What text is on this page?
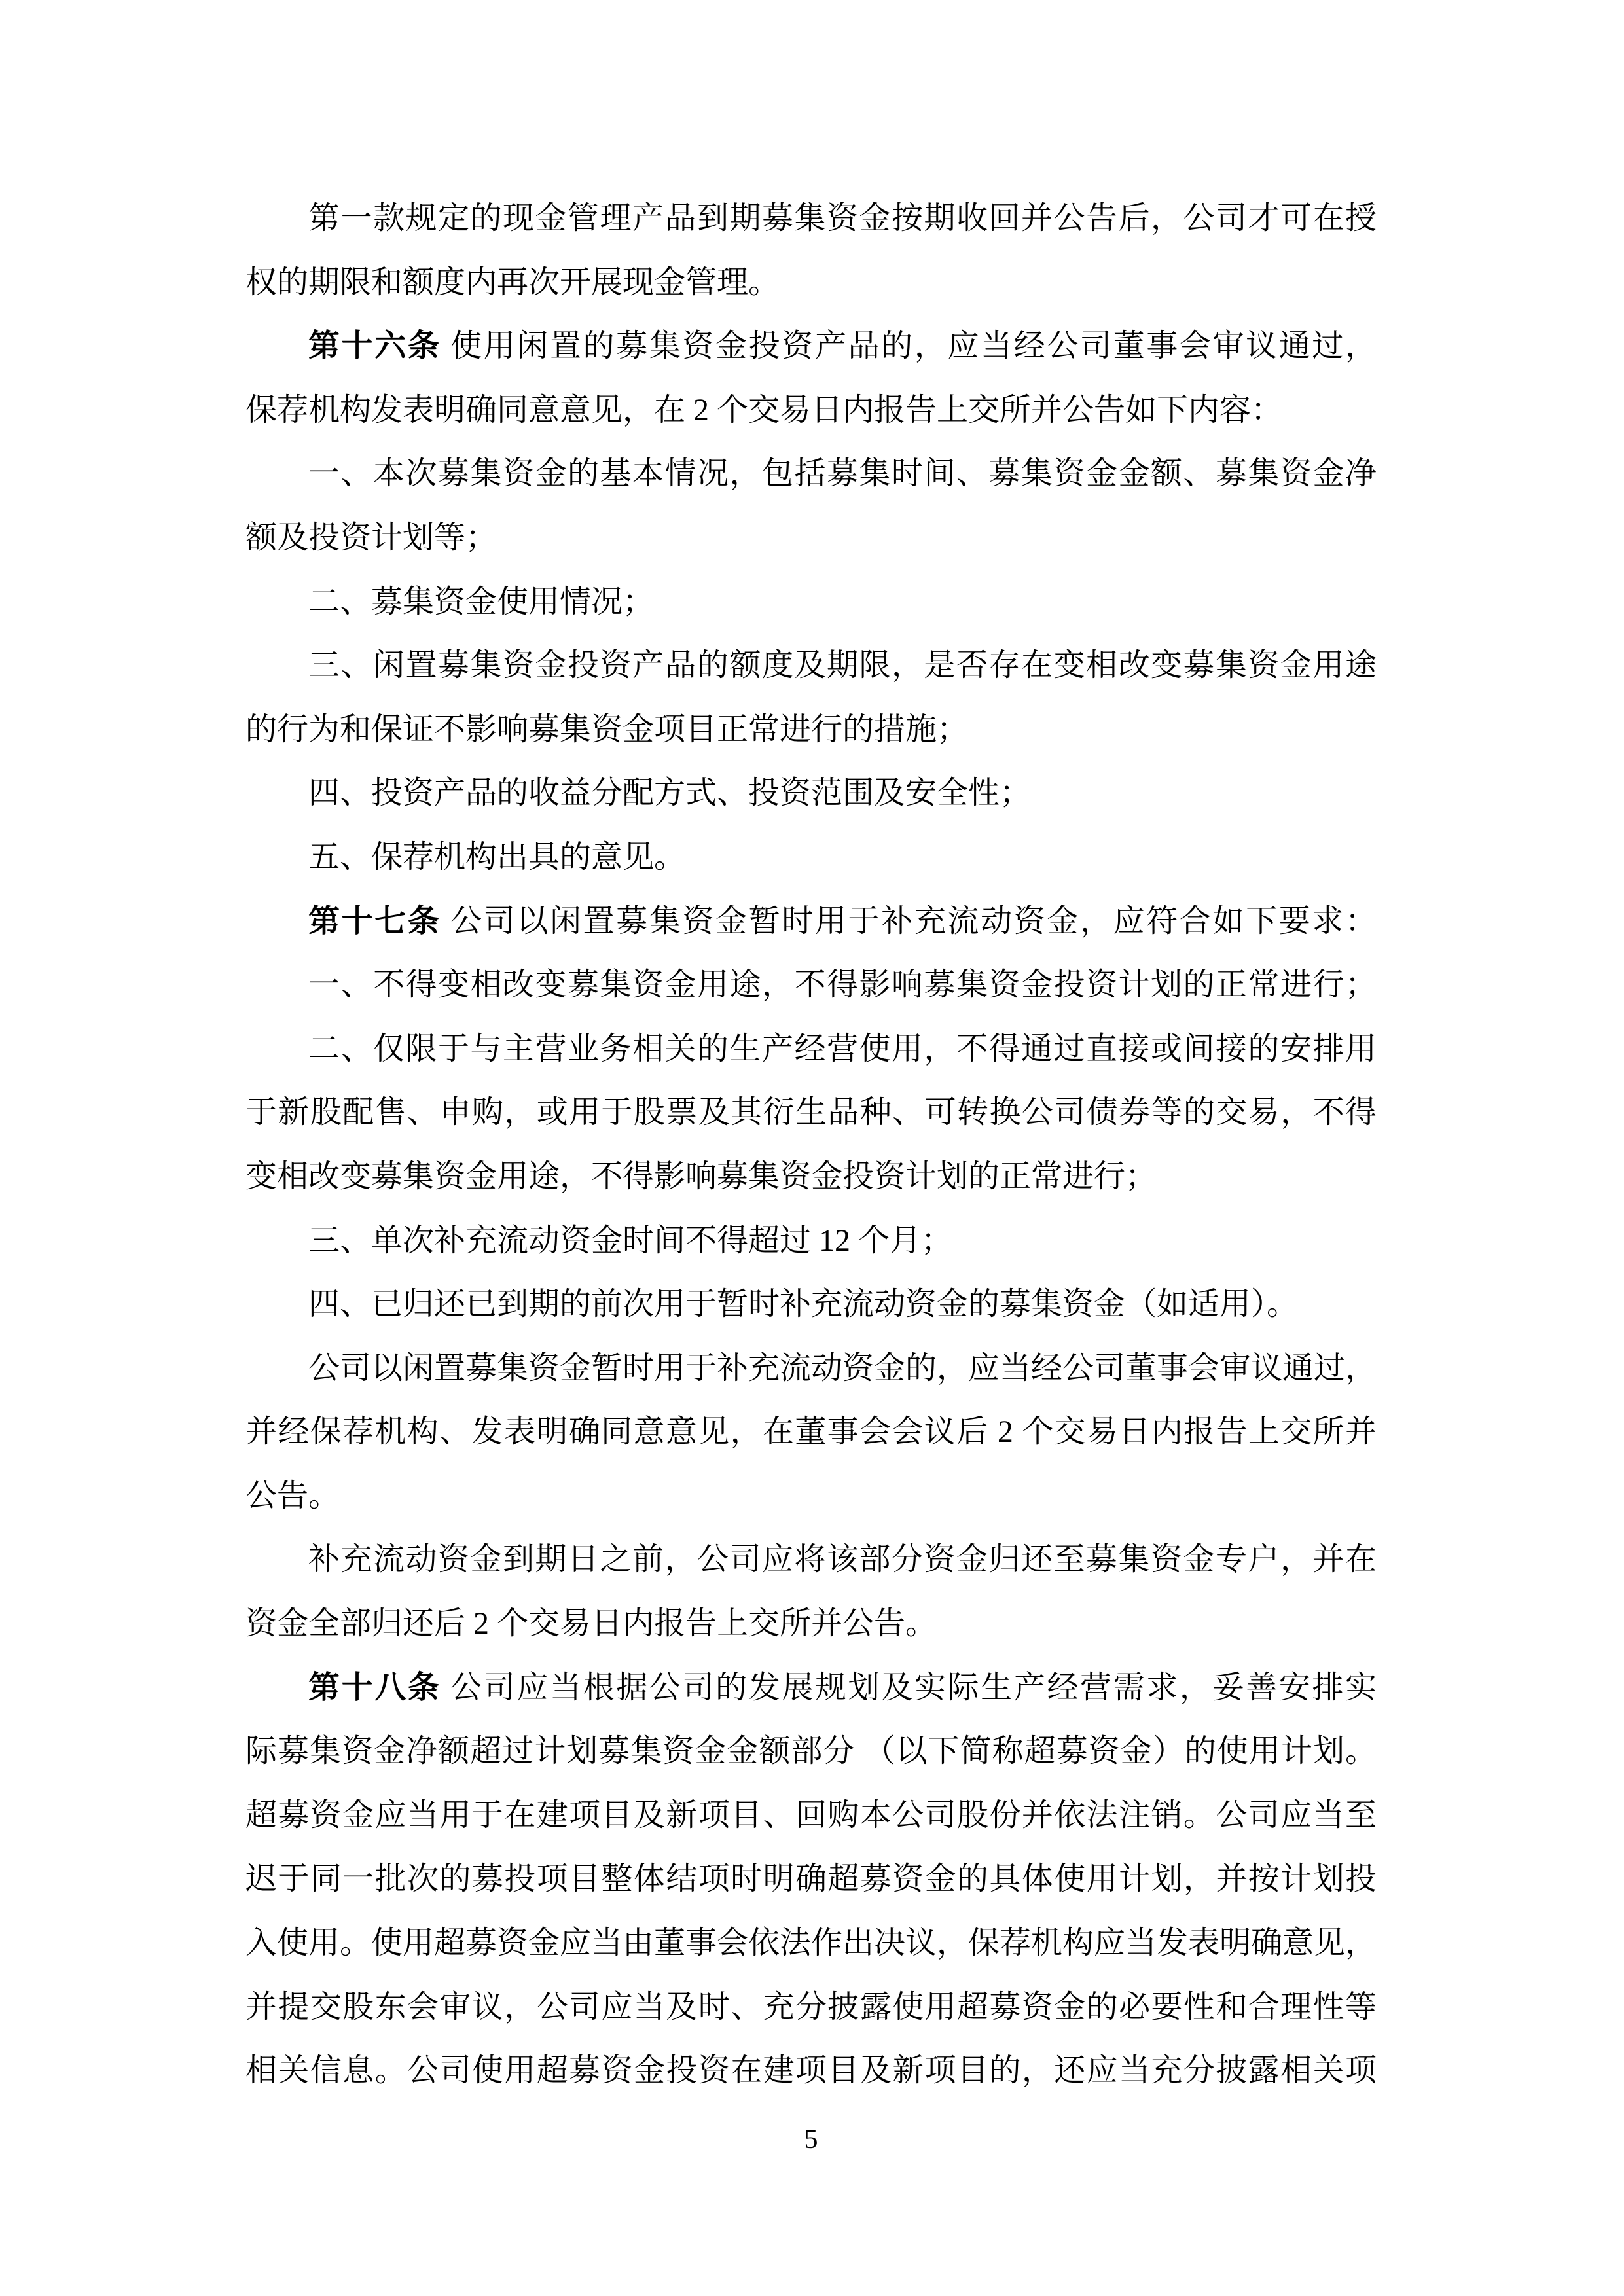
第一款规定的现金管理产品到期募集资金按期收回并公告后，公司才可在授
权的期限和额度内再次开展现金管理。
第十六条 使用闲置的募集资金投资产品的，应当经公司董事会审议通过，
保荐机构发表明确同意意见，在 2 个交易日内报告上交所并公告如下内容：
一、本次募集资金的基本情况，包括募集时间、募集资金金额、募集资金净
额及投资计划等；
二、募集资金使用情况；
三、闲置募集资金投资产品的额度及期限，是否存在变相改变募集资金用途
的行为和保证不影响募集资金项目正常进行的措施；
四、投资产品的收益分配方式、投资范围及安全性；
五、保荐机构出具的意见。
第十七条 公司以闲置募集资金暂时用于补充流动资金，应符合如下要求：
一、不得变相改变募集资金用途，不得影响募集资金投资计划的正常进行；
二、仅限于与主营业务相关的生产经营使用，不得通过直接或间接的安排用
于新股配售、申购，或用于股票及其衍生品种、可转换公司债券等的交易，不得
变相改变募集资金用途，不得影响募集资金投资计划的正常进行；
三、单次补充流动资金时间不得超过 12 个月；
四、已归还已到期的前次用于暂时补充流动资金的募集资金（如适用）。
公司以闲置募集资金暂时用于补充流动资金的，应当经公司董事会审议通过，
并经保荐机构、发表明确同意意见，在董事会会议后 2 个交易日内报告上交所并
公告。
补充流动资金到期日之前，公司应将该部分资金归还至募集资金专户，并在
资金全部归还后 2 个交易日内报告上交所并公告。
第十八条 公司应当根据公司的发展规划及实际生产经营需求，妥善安排实
际募集资金净额超过计划募集资金金额部分 （以下简称超募资金）的使用计划。
超募资金应当用于在建项目及新项目、回购本公司股份并依法注销。公司应当至
迟于同一批次的募投项目整体结项时明确超募资金的具体使用计划，并按计划投
入使用。使用超募资金应当由董事会依法作出决议，保荐机构应当发表明确意见，
并提交股东会审议，公司应当及时、充分披露使用超募资金的必要性和合理性等
相关信息。公司使用超募资金投资在建项目及新项目的，还应当充分披露相关项
5
